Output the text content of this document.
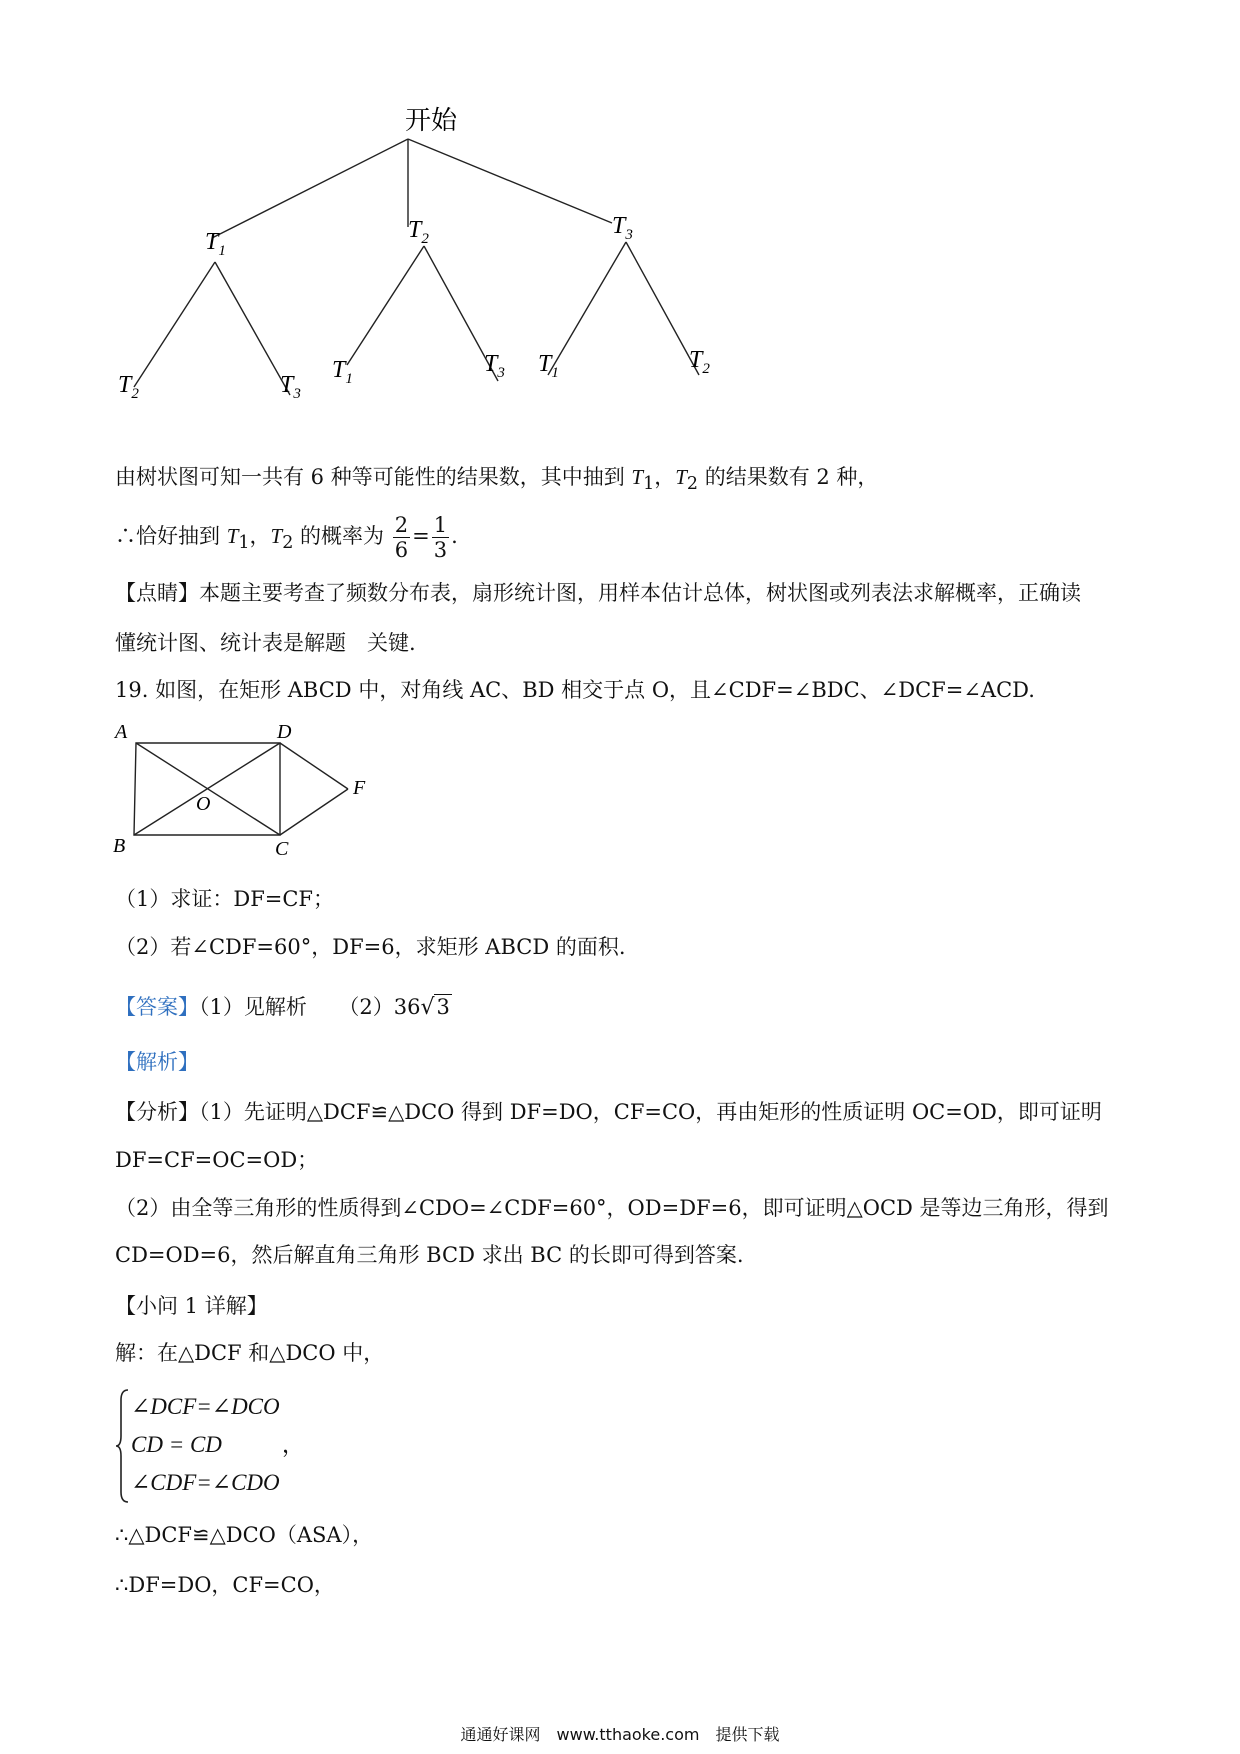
开始
$T_1$
$T_2$	$T_3$
$T_2$	$T_3$
$T_1$
$T_3$ $T_1$	$T_2$
由树状图可知一共有 6 种等可能性的结果数，其中抽到 $T_1$，$T_2$ 的结果数有 2 种，
∴恰好抽到 $T_1$，$T_2$ 的概率为 $\frac{2}{6} = \frac{1}{3}$ .
【点睛】本题主要考查了频数分布表，扇形统计图，用样本估计总体，树状图或列表法求解概率，正确读
懂统计图、统计表是解题　关键.
19. 如图，在矩形 ABCD 中，对角线 AC、BD 相交于点 O，且∠CDF=∠BDC、∠DCF=∠ACD.
A	D
F
O
B	C
（1）求证：DF=CF；
（2）若∠CDF=60°，DF=6，求矩形 ABCD 的面积.
【答案】（1）见解析　　（2）36√3
【解析】
【分析】（1）先证明△DCF≌△DCO 得到 DF=DO，CF=CO，再由矩形的性质证明 OC=OD，即可证明
DF=CF=OC=OD；
（2）由全等三角形的性质得到∠CDO=∠CDF=60°，OD=DF=6，即可证明△OCD 是等边三角形，得到
CD=OD=6，然后解直角三角形 BCD 求出 BC 的长即可得到答案.
【小问 1 详解】
解：在△DCF 和△DCO 中，
∠DCF=∠DCO
CD = CD	，
∠CDF=∠CDO
∴△DCF≌△DCO（ASA），
∴DF=DO，CF=CO，
通通好课网　www.tthaoke.com　提供下载
